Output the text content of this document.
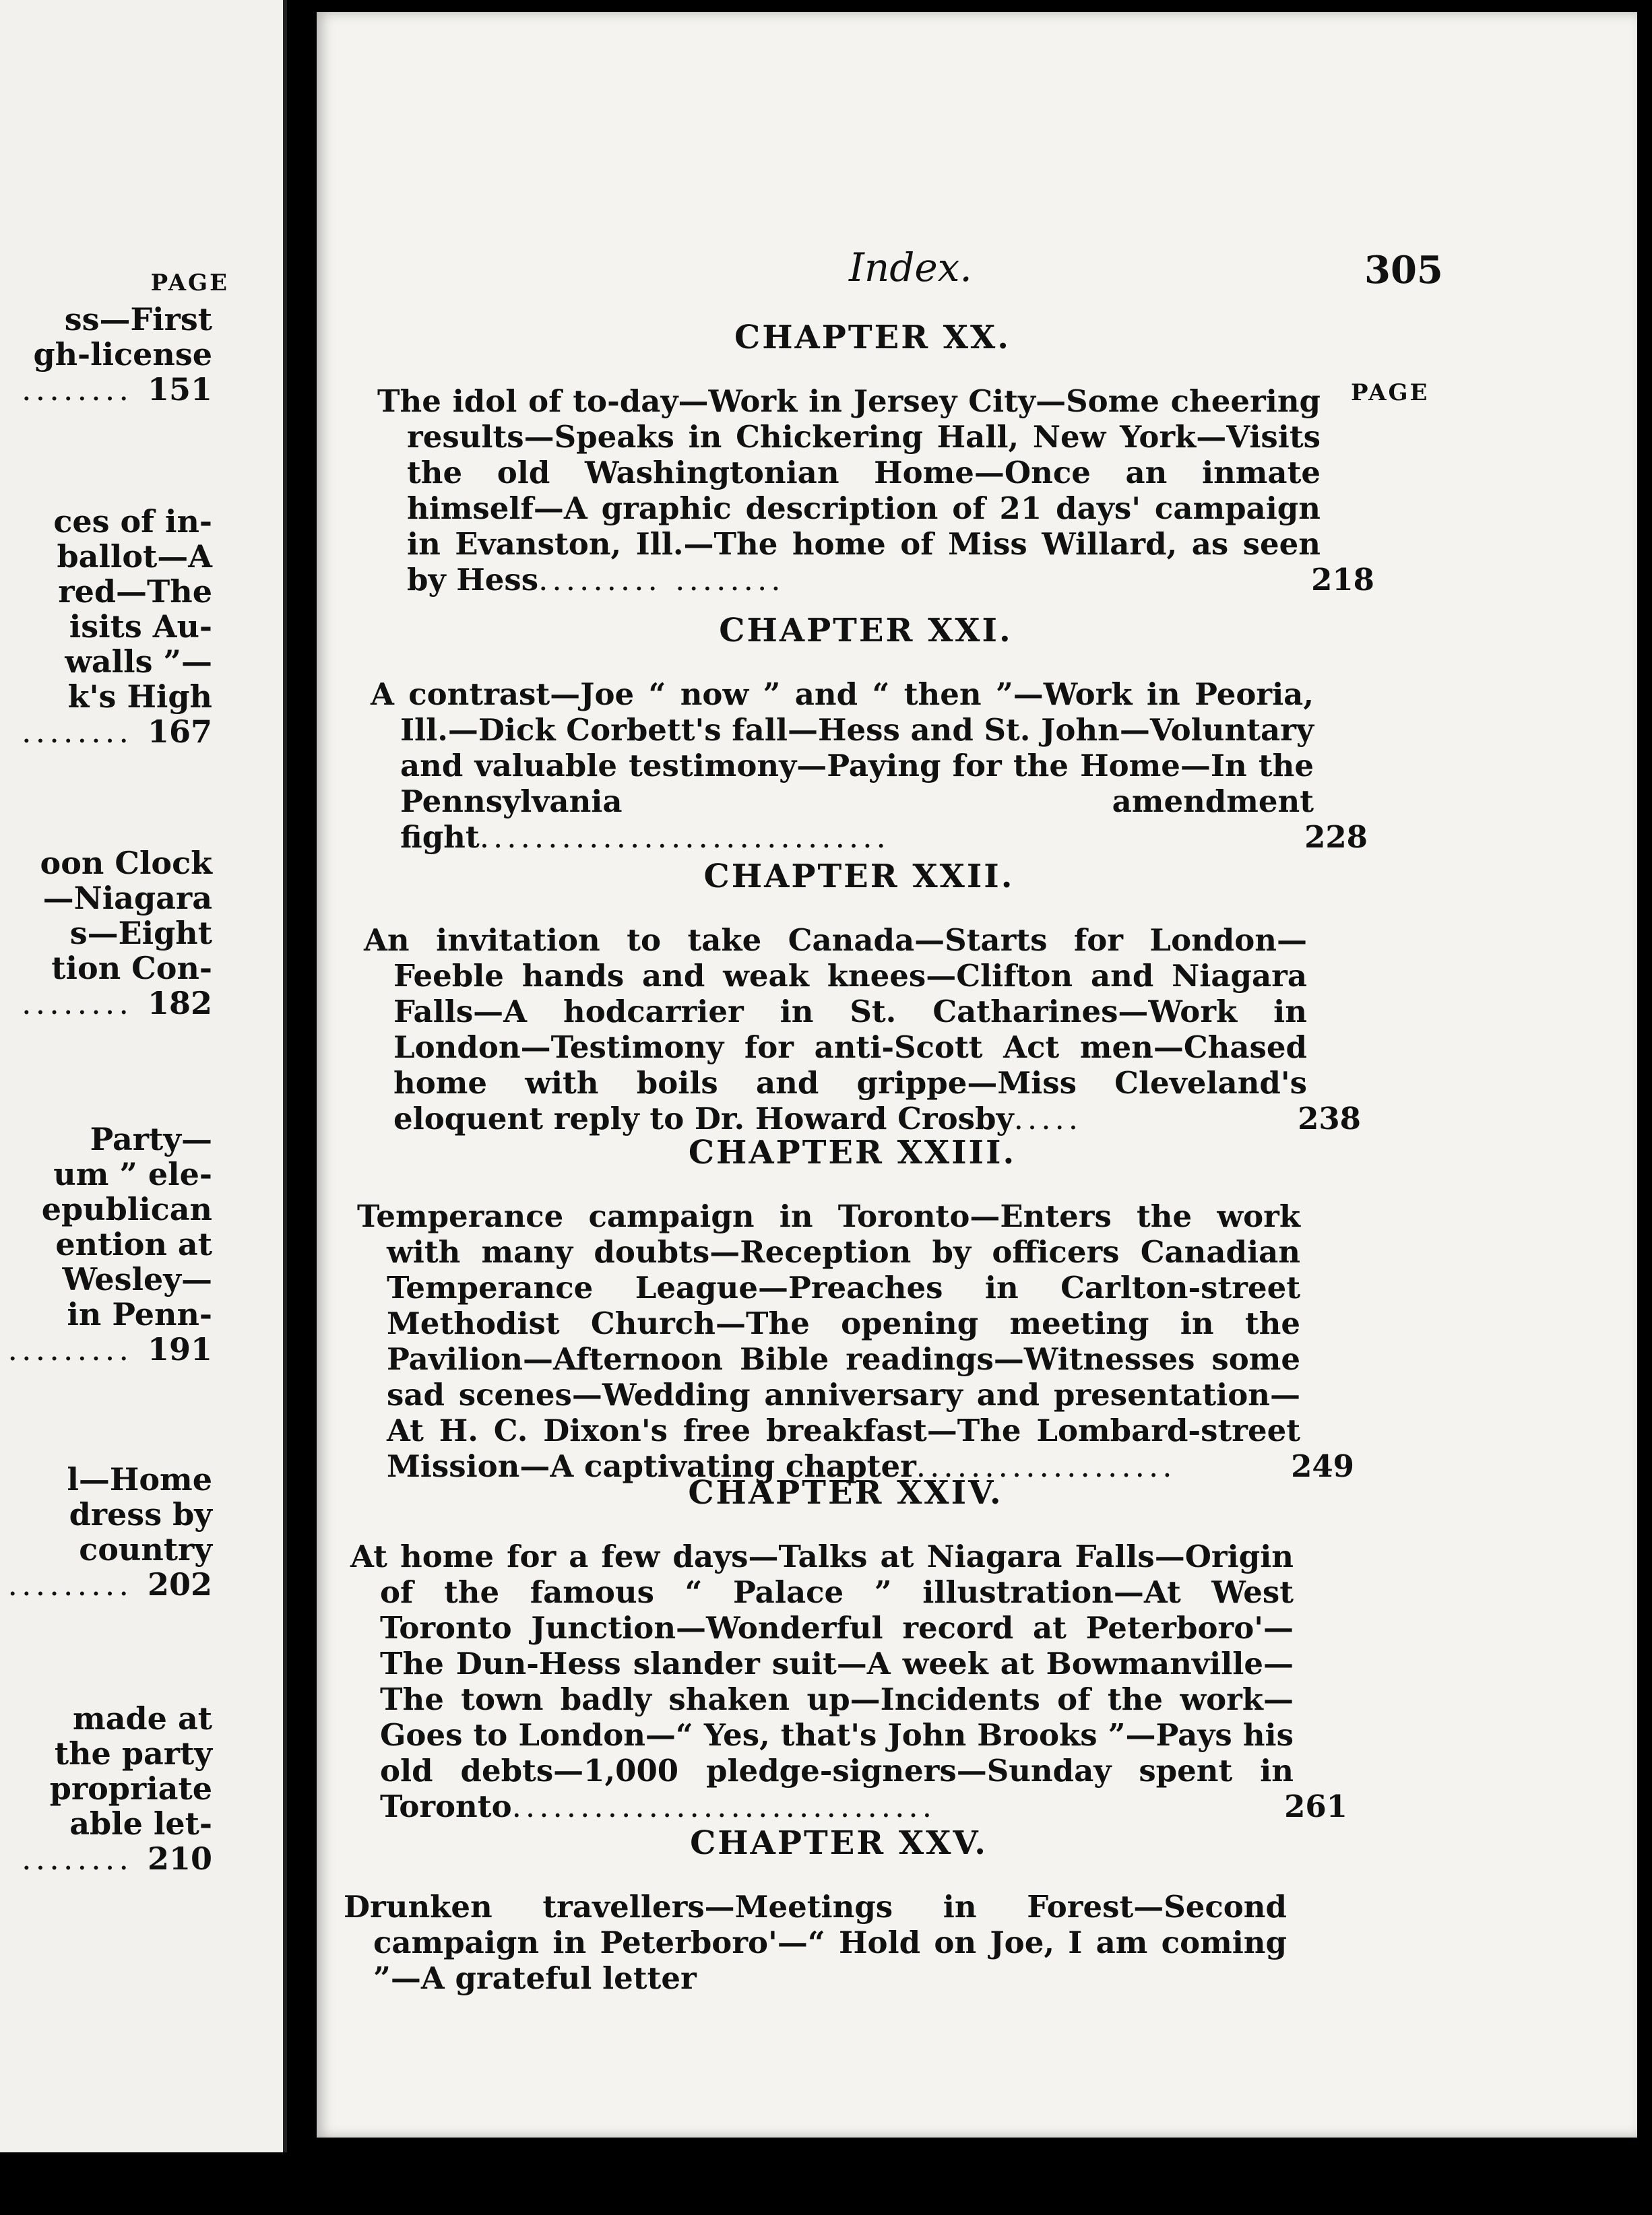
PAGE
ss—First
gh-license
........ 151
ces of in-
ballot—A
red—The
isits Au-
walls ”—
k's High
........ 167
oon Clock
—Niagara
s—Eight
tion Con-
........ 182
Party—
um ” ele-
epublican
ention at
Wesley—
in Penn-
......... 191
l—Home
dress by
country
......... 202
made at
the party
propriate
able let-
........ 210
Index.	305
PAGE
CHAPTER XX.
The idol of to-day—Work in Jersey City—Some cheering results—Speaks in Chickering Hall, New York—Visits the old Washingtonian Home—Once an inmate himself—A graphic description of 21 days' campaign in Evanston, Ill.—The home of Miss Willard, as seen by Hess......... ........	218
CHAPTER XXI.
A contrast—Joe “ now ” and “ then ”—Work in Peoria, Ill.—Dick Corbett's fall—Hess and St. John—Voluntary and valuable testimony—Paying for the Home—In the Pennsylvania amendment fight..............................	228
CHAPTER XXII.
An invitation to take Canada—Starts for London—Feeble hands and weak knees—Clifton and Niagara Falls—A hodcarrier in St. Catharines—Work in London—Testimony for anti-Scott Act men—Chased home with boils and grippe—Miss Cleveland's eloquent reply to Dr. Howard Crosby.....	238
CHAPTER XXIII.
Temperance campaign in Toronto—Enters the work with many doubts—Reception by officers Canadian Temperance League—Preaches in Carlton-street Methodist Church—The opening meeting in the Pavilion—Afternoon Bible readings—Witnesses some sad scenes—Wedding anniversary and presentation—At H. C. Dixon's free breakfast—The Lombard-street Mission—A captivating chapter...................	249
CHAPTER XXIV.
At home for a few days—Talks at Niagara Falls—Origin of the famous “ Palace ” illustration—At West Toronto Junction—Wonderful record at Peterboro'—The Dun-Hess slander suit—A week at Bowmanville—The town badly shaken up—Incidents of the work—Goes to London—“ Yes, that's John Brooks ”—Pays his old debts—1,000 pledge-signers—Sunday spent in Toronto...............................	261
CHAPTER XXV.
Drunken travellers—Meetings in Forest—Second campaign in Peterboro'—“ Hold on Joe, I am coming ”—A grateful letter
